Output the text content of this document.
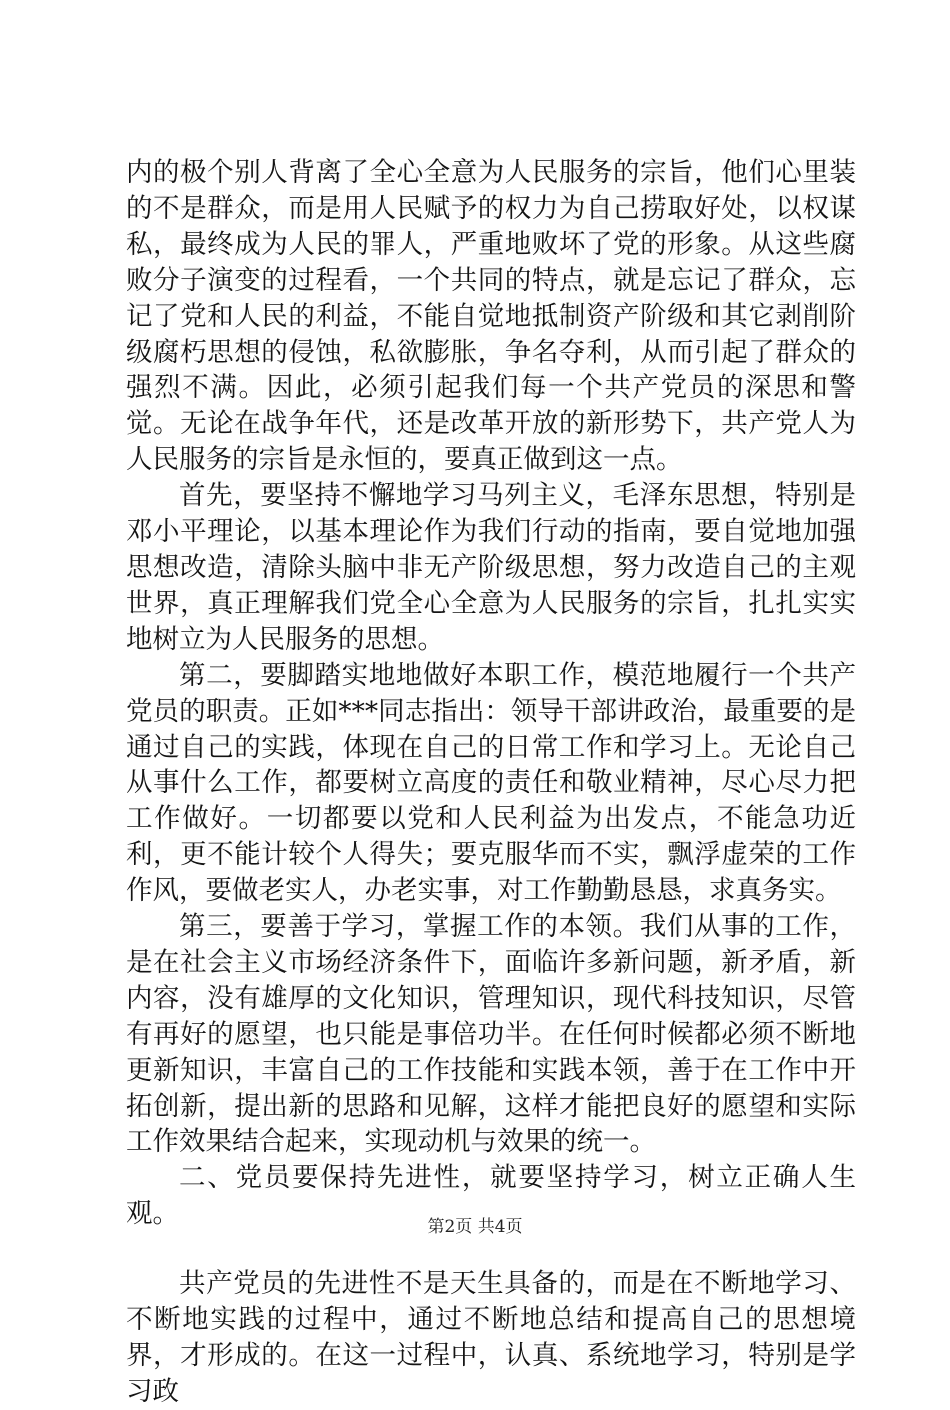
内的极个别人背离了全心全意为人民服务的宗旨，他们心里装的不是群众，而是用人民赋予的权力为自己捞取好处，以权谋私，最终成为人民的罪人，严重地败坏了党的形象。从这些腐败分子演变的过程看，一个共同的特点，就是忘记了群众，忘记了党和人民的利益，不能自觉地抵制资产阶级和其它剥削阶级腐朽思想的侵蚀，私欲膨胀，争名夺利，从而引起了群众的强烈不满。因此，必须引起我们每一个共产党员的深思和警觉。无论在战争年代，还是改革开放的新形势下，共产党人为人民服务的宗旨是永恒的，要真正做到这一点。

首先，要坚持不懈地学习马列主义，毛泽东思想，特别是邓小平理论，以基本理论作为我们行动的指南，要自觉地加强思想改造，清除头脑中非无产阶级思想，努力改造自己的主观世界，真正理解我们党全心全意为人民服务的宗旨，扎扎实实地树立为人民服务的思想。

第二，要脚踏实地地做好本职工作，模范地履行一个共产党员的职责。正如***同志指出：领导干部讲政治，最重要的是通过自己的实践，体现在自己的日常工作和学习上。无论自己从事什么工作，都要树立高度的责任和敬业精神，尽心尽力把工作做好。一切都要以党和人民利益为出发点，不能急功近利，更不能计较个人得失；要克服华而不实，飘浮虚荣的工作作风，要做老实人，办老实事，对工作勤勤恳恳，求真务实。

第三，要善于学习，掌握工作的本领。我们从事的工作，是在社会主义市场经济条件下，面临许多新问题，新矛盾，新内容，没有雄厚的文化知识，管理知识，现代科技知识，尽管有再好的愿望，也只能是事倍功半。在任何时候都必须不断地更新知识，丰富自己的工作技能和实践本领，善于在工作中开拓创新，提出新的思路和见解，这样才能把良好的愿望和实际工作效果结合起来，实现动机与效果的统一。

二、党员要保持先进性，就要坚持学习，树立正确人生观。

共产党员的先进性不是天生具备的，而是在不断地学习、不断地实践的过程中，通过不断地总结和提高自己的思想境界，才形成的。在这一过程中，认真、系统地学习，特别是学习政

第2页 共4页
